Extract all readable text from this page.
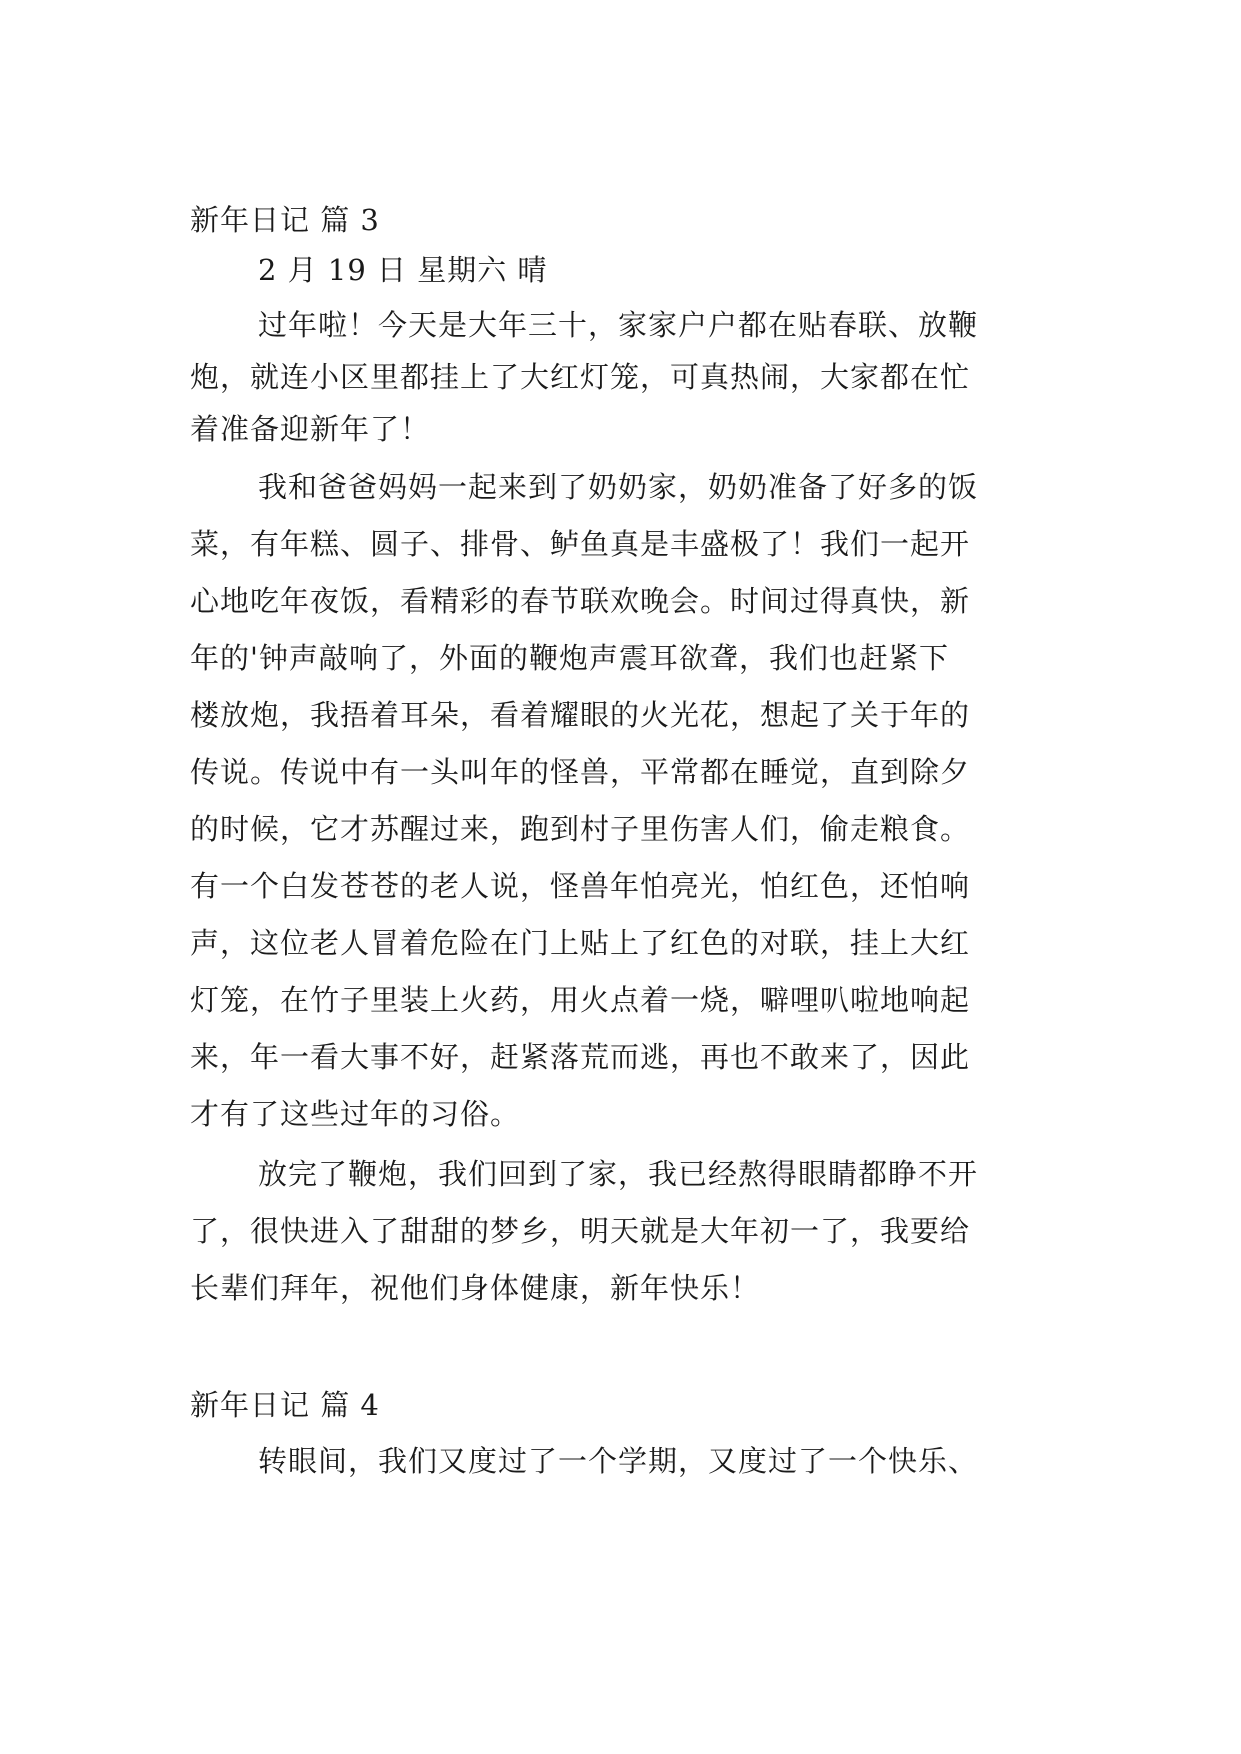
新年日记 篇 3
2 月 19 日 星期六 晴
过年啦！今天是大年三十，家家户户都在贴春联、放鞭
炮，就连小区里都挂上了大红灯笼，可真热闹，大家都在忙
着准备迎新年了！
我和爸爸妈妈一起来到了奶奶家，奶奶准备了好多的饭
菜，有年糕、圆子、排骨、鲈鱼真是丰盛极了！我们一起开
心地吃年夜饭，看精彩的春节联欢晚会。时间过得真快，新
年的'钟声敲响了，外面的鞭炮声震耳欲聋，我们也赶紧下
楼放炮，我捂着耳朵，看着耀眼的火光花，想起了关于年的
传说。传说中有一头叫年的怪兽，平常都在睡觉，直到除夕
的时候，它才苏醒过来，跑到村子里伤害人们，偷走粮食。
有一个白发苍苍的老人说，怪兽年怕亮光，怕红色，还怕响
声，这位老人冒着危险在门上贴上了红色的对联，挂上大红
灯笼，在竹子里装上火药，用火点着一烧，噼哩叭啦地响起
来，年一看大事不好，赶紧落荒而逃，再也不敢来了，因此
才有了这些过年的习俗。
放完了鞭炮，我们回到了家，我已经熬得眼睛都睁不开
了，很快进入了甜甜的梦乡，明天就是大年初一了，我要给
长辈们拜年，祝他们身体健康，新年快乐！
新年日记 篇 4
转眼间，我们又度过了一个学期，又度过了一个快乐、
